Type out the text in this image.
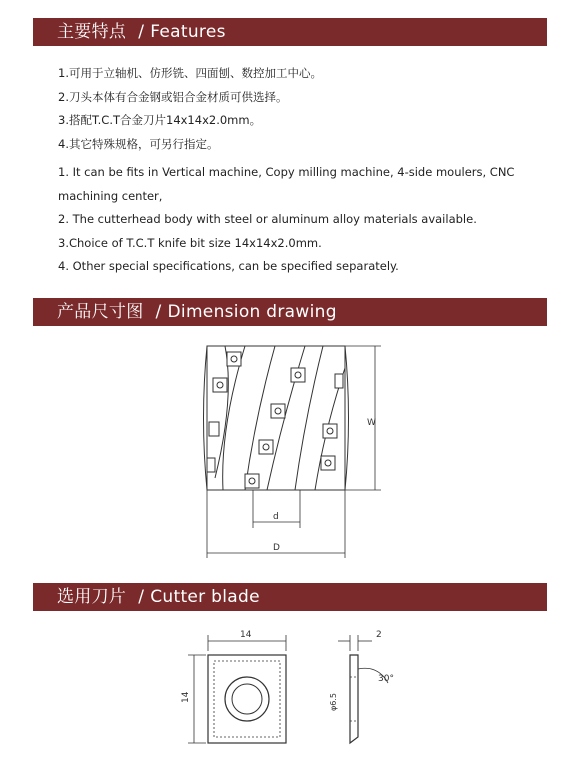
主要特点 / Features
1.可用于立轴机、仿形铣、四面刨、数控加工中心。
2.刀头本体有合金钢或铝合金材质可供选择。
3.搭配T.C.T合金刀片14x14x2.0mm。
4.其它特殊规格，可另行指定。
1. It can be fits in Vertical machine, Copy milling machine, 4-side moulers, CNC machining center,
2. The cutterhead body with steel or aluminum alloy materials available.
3.Choice of T.C.T knife bit size 14x14x2.0mm.
4. Other special specifications, can be specified separately.
产品尺寸图 / Dimension drawing
W
d
D
选用刀片 / Cutter blade
14
14
2
30°
φ6.5
